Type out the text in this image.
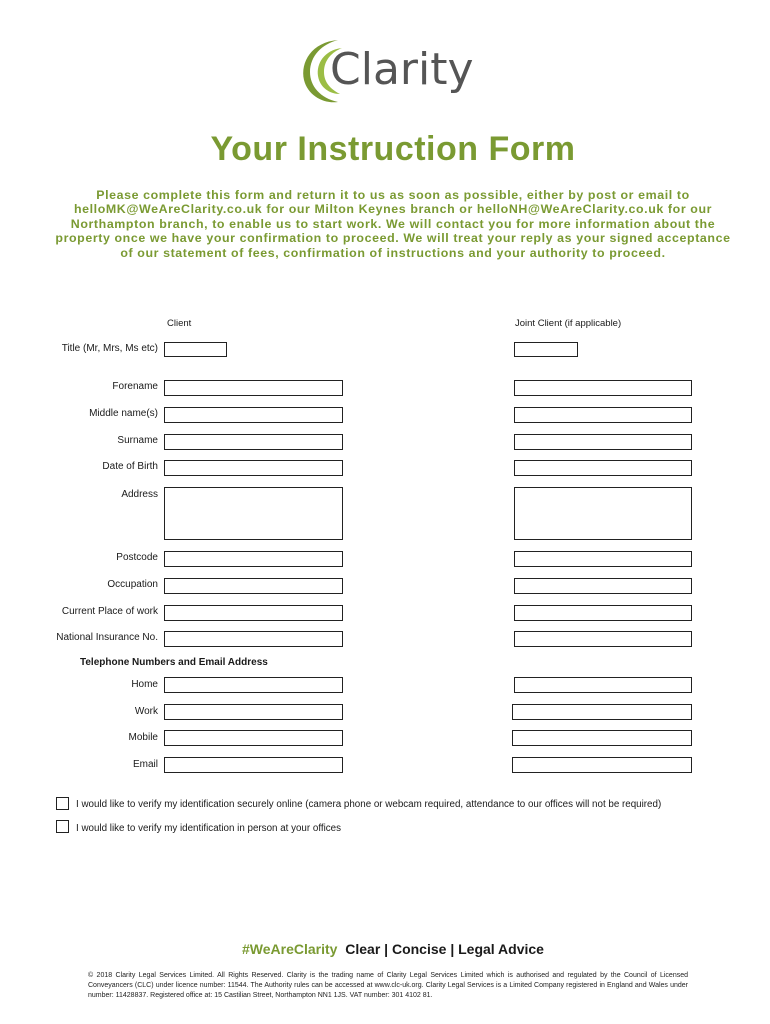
Clarity
Your Instruction Form
Please complete this form and return it to us as soon as possible, either by post or email to helloMK@WeAreClarity.co.uk for our Milton Keynes branch or helloNH@WeAreClarity.co.uk for our Northampton branch, to enable us to start work. We will contact you for more information about the property once we have your confirmation to proceed. We will treat your reply as your signed acceptance of our statement of fees, confirmation of instructions and your authority to proceed.
Client	Joint Client (if applicable)
Title (Mr, Mrs, Ms etc)
Forename
Middle name(s)
Surname
Date of Birth
Address
Postcode
Occupation
Current Place of work
National Insurance No.
Telephone Numbers and Email Address
Home
Work
Mobile
Email
I would like to verify my identification securely online (camera phone or webcam required, attendance to our offices will not be required)
I would like to verify my identification in person at your offices
#WeAreClarity Clear | Concise | Legal Advice
© 2018 Clarity Legal Services Limited. All Rights Reserved. Clarity is the trading name of Clarity Legal Services Limited which is authorised and regulated by the Council of Licensed Conveyancers (CLC) under licence number: 11544. The Authority rules can be accessed at www.clc-uk.org. Clarity Legal Services is a Limited Company registered in England and Wales under number: 11428837. Registered office at: 15 Castilian Street, Northampton NN1 1JS. VAT number: 301 4102 81.
